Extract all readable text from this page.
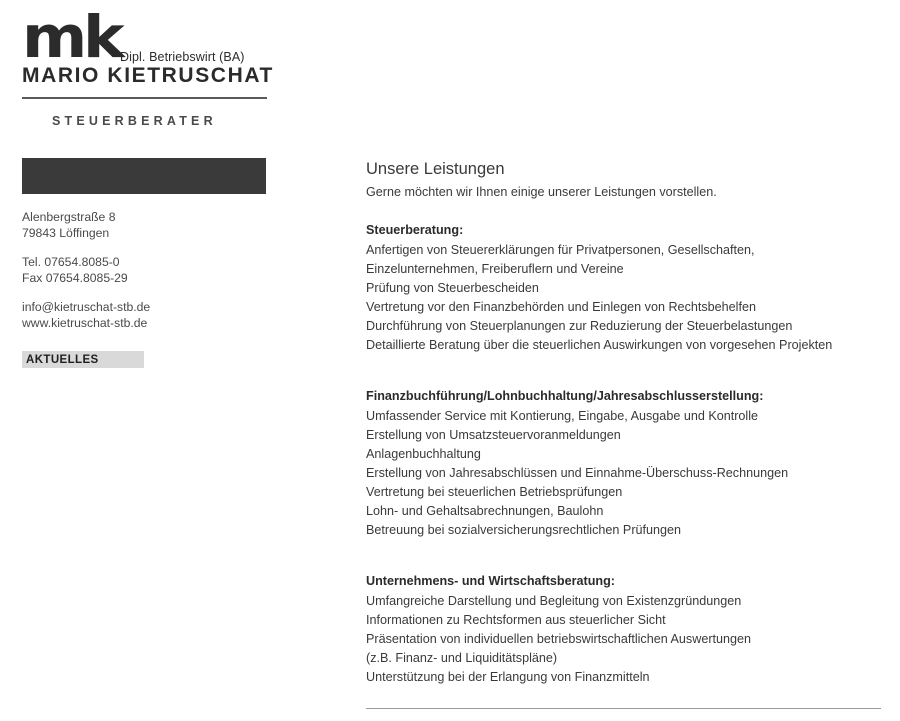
mk Dipl. Betriebswirt (BA)
MARIO KIETRUSCHAT
STEUERBERATER
Alenbergstraße 8
79843 Löffingen
Tel. 07654.8085-0
Fax 07654.8085-29
info@kietruschat-stb.de
www.kietruschat-stb.de
AKTUELLES
Unsere Leistungen

Gerne möchten wir Ihnen einige unserer Leistungen vorstellen.

Steuerberatung:
Anfertigen von Steuererklärungen für Privatpersonen, Gesellschaften,
Einzelunternehmen, Freiberuflern und Vereine
Prüfung von Steuerbescheiden
Vertretung vor den Finanzbehörden und Einlegen von Rechtsbehelfen
Durchführung von Steuerplanungen zur Reduzierung der Steuerbelastungen
Detaillierte Beratung über die steuerlichen Auswirkungen von vorgesehen Projekten
Finanzbuchführung/Lohnbuchhaltung/Jahresabschlusserstellung:
Umfassender Service mit Kontierung, Eingabe, Ausgabe und Kontrolle
Erstellung von Umsatzsteuervoranmeldungen
Anlagenbuchhaltung
Erstellung von Jahresabschlüssen und Einnahme-Überschuss-Rechnungen
Vertretung bei steuerlichen Betriebsprüfungen
Lohn- und Gehaltsabrechnungen, Baulohn
Betreuung bei sozialversicherungsrechtlichen Prüfungen
Unternehmens- und Wirtschaftsberatung:
Umfangreiche Darstellung und Begleitung von Existenzgründungen
Informationen zu Rechtsformen aus steuerlicher Sicht
Präsentation von individuellen betriebswirtschaftlichen Auswertungen
(z.B. Finanz- und Liquiditätspläne)
Unterstützung bei der Erlangung von Finanzmitteln
